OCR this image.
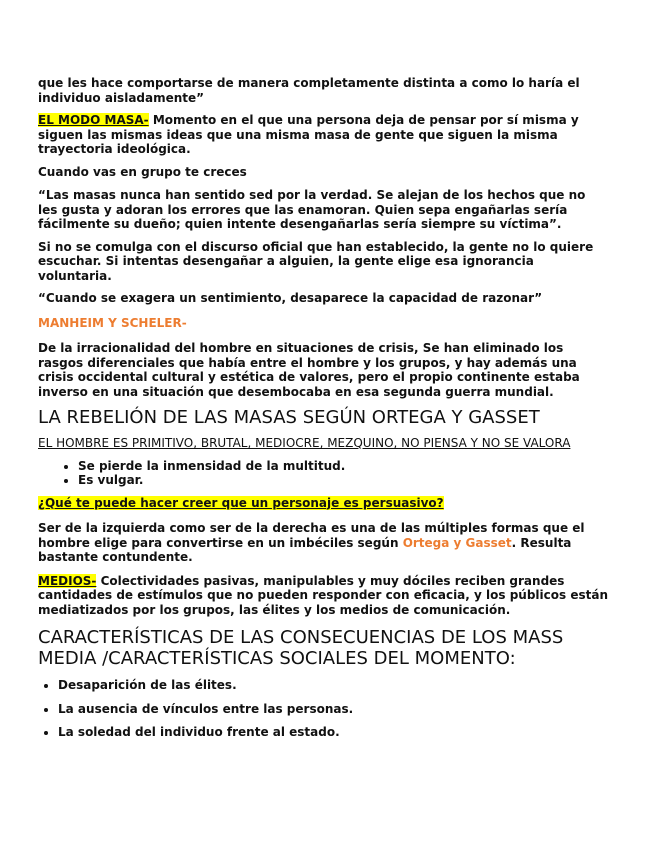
que les hace comportarse de manera completamente distinta a como lo haría el individuo aisladamente”

EL MODO MASA- Momento en el que una persona deja de pensar por sí misma y siguen las mismas ideas que una misma masa de gente que siguen la misma trayectoria ideológica.

Cuando vas en grupo te creces

“Las masas nunca han sentido sed por la verdad. Se alejan de los hechos que no les gusta y adoran los errores que las enamoran. Quien sepa engañarlas sería fácilmente su dueño; quien intente desengañarlas sería siempre su víctima”.

Si no se comulga con el discurso oficial que han establecido, la gente no lo quiere escuchar. Si intentas desengañar a alguien, la gente elige esa ignorancia voluntaria.

“Cuando se exagera un sentimiento, desaparece la capacidad de razonar”

MANHEIM Y SCHELER-

De la irracionalidad del hombre en situaciones de crisis, Se han eliminado los rasgos diferenciales que había entre el hombre y los grupos, y hay además una crisis occidental cultural y estética de valores, pero el propio continente estaba inverso en una situación que desembocaba en esa segunda guerra mundial.

LA REBELIÓN DE LAS MASAS SEGÚN ORTEGA Y GASSET

EL HOMBRE ES PRIMITIVO, BRUTAL, MEDIOCRE, MEZQUINO, NO PIENSA Y NO SE VALORA

• Se pierde la inmensidad de la multitud.
• Es vulgar.

¿Qué te puede hacer creer que un personaje es persuasivo?

Ser de la izquierda como ser de la derecha es una de las múltiples formas que el hombre elige para convertirse en un imbéciles según Ortega y Gasset. Resulta bastante contundente.

MEDIOS- Colectividades pasivas, manipulables y muy dóciles reciben grandes cantidades de estímulos que no pueden responder con eficacia, y los públicos están mediatizados por los grupos, las élites y los medios de comunicación.

CARACTERÍSTICAS DE LAS CONSECUENCIAS DE LOS MASS MEDIA /CARACTERÍSTICAS SOCIALES DEL MOMENTO:

• Desaparición de las élites.
• La ausencia de vínculos entre las personas.
• La soledad del individuo frente al estado.
